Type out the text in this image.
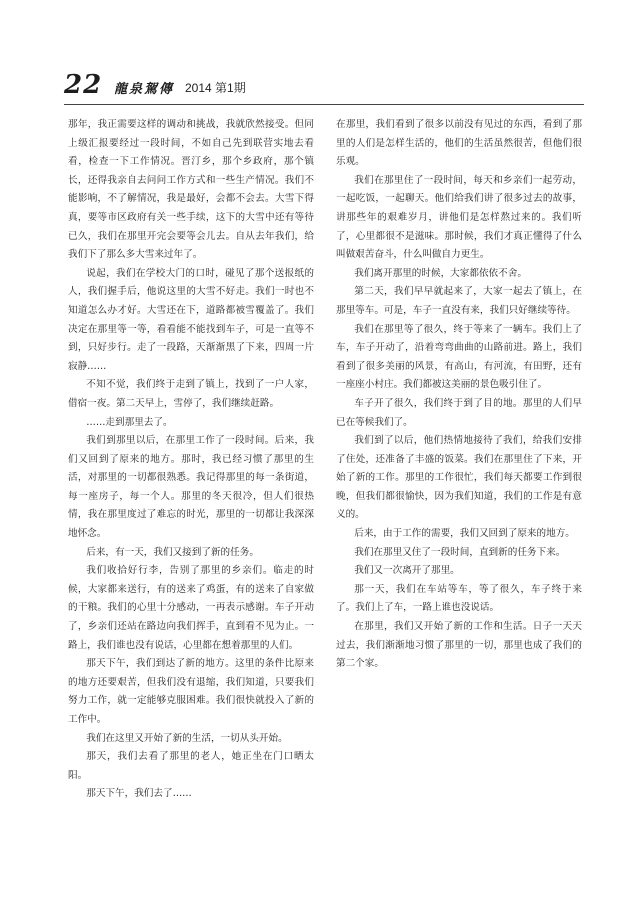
22 龍泉駕傳 2014 第1期

那年，我正需要这样的调动和挑战，我就欣然接受。但同上级汇报要经过一段时间，不如自己先到联营实地去看看，检查一下工作情况。晋汀乡，那个乡政府，那个镇长，还得我亲自去问问工作方式和一些生产情况。我们不能影响，不了解情况，我是最好，会都不会去。大雪下得真，要等市区政府有关一些手续，这下的大雪中还有等待已久，我们在那里开完会要等会儿去。自从去年我们，给我们下了那么多大雪来过年了。

说起，我们在学校大门的口时，碰见了那个送报纸的人，我们握手后，他说这里的大雪不好走。我们一时也不知道怎么办才好。大雪还在下，道路都被雪覆盖了。我们决定在那里等一等，看看能不能找到车子，可是一直等不到，只好步行。走了一段路，天渐渐黑了下来，四周一片寂静……

不知不觉，我们终于走到了镇上，找到了一户人家，借宿一夜。第二天早上，雪停了，我们继续赶路。

……走到那里去了。

我们到那里以后，在那里工作了一段时间。后来，我们又回到了原来的地方。那时，我已经习惯了那里的生活，对那里的一切都很熟悉。我记得那里的每一条街道，每一座房子，每一个人。那里的冬天很冷，但人们很热情，我在那里度过了难忘的时光，那里的一切都让我深深地怀念。

后来，有一天，我们又接到了新的任务。

我们收拾好行李，告别了那里的乡亲们。临走的时候，大家都来送行，有的送来了鸡蛋，有的送来了自家做的干粮。我们的心里十分感动，一再表示感谢。车子开动了，乡亲们还站在路边向我们挥手，直到看不见为止。一路上，我们谁也没有说话，心里都在想着那里的人们。

那天下午，我们到达了新的地方。这里的条件比原来的地方还要艰苦，但我们没有退缩，我们知道，只要我们努力工作，就一定能够克服困难。我们很快就投入了新的工作中。

我们在这里又开始了新的生活，一切从头开始。

那天，我们去看了那里的老人，她正坐在门口晒太阳。

那天下午，我们去了……

在那里，我们看到了很多以前没有见过的东西，看到了那里的人们是怎样生活的，他们的生活虽然很苦，但他们很乐观。

我们在那里住了一段时间，每天和乡亲们一起劳动，一起吃饭，一起聊天。他们给我们讲了很多过去的故事，讲那些年的艰难岁月，讲他们是怎样熬过来的。我们听了，心里都很不是滋味。那时候，我们才真正懂得了什么叫做艰苦奋斗，什么叫做自力更生。

我们离开那里的时候，大家都依依不舍。

第二天，我们早早就起来了，大家一起去了镇上，在那里等车。可是，车子一直没有来，我们只好继续等待。

我们在那里等了很久，终于等来了一辆车。我们上了车，车子开动了，沿着弯弯曲曲的山路前进。路上，我们看到了很多美丽的风景，有高山，有河流，有田野，还有一座座小村庄。我们都被这美丽的景色吸引住了。

车子开了很久，我们终于到了目的地。那里的人们早已在等候我们了。

我们到了以后，他们热情地接待了我们，给我们安排了住处，还准备了丰盛的饭菜。我们在那里住了下来，开始了新的工作。那里的工作很忙，我们每天都要工作到很晚，但我们都很愉快，因为我们知道，我们的工作是有意义的。

后来，由于工作的需要，我们又回到了原来的地方。

我们在那里又住了一段时间，直到新的任务下来。

我们又一次离开了那里。

那一天，我们在车站等车，等了很久，车子终于来了。我们上了车，一路上谁也没说话。

在那里，我们又开始了新的工作和生活。日子一天天过去，我们渐渐地习惯了那里的一切，那里也成了我们的第二个家。
